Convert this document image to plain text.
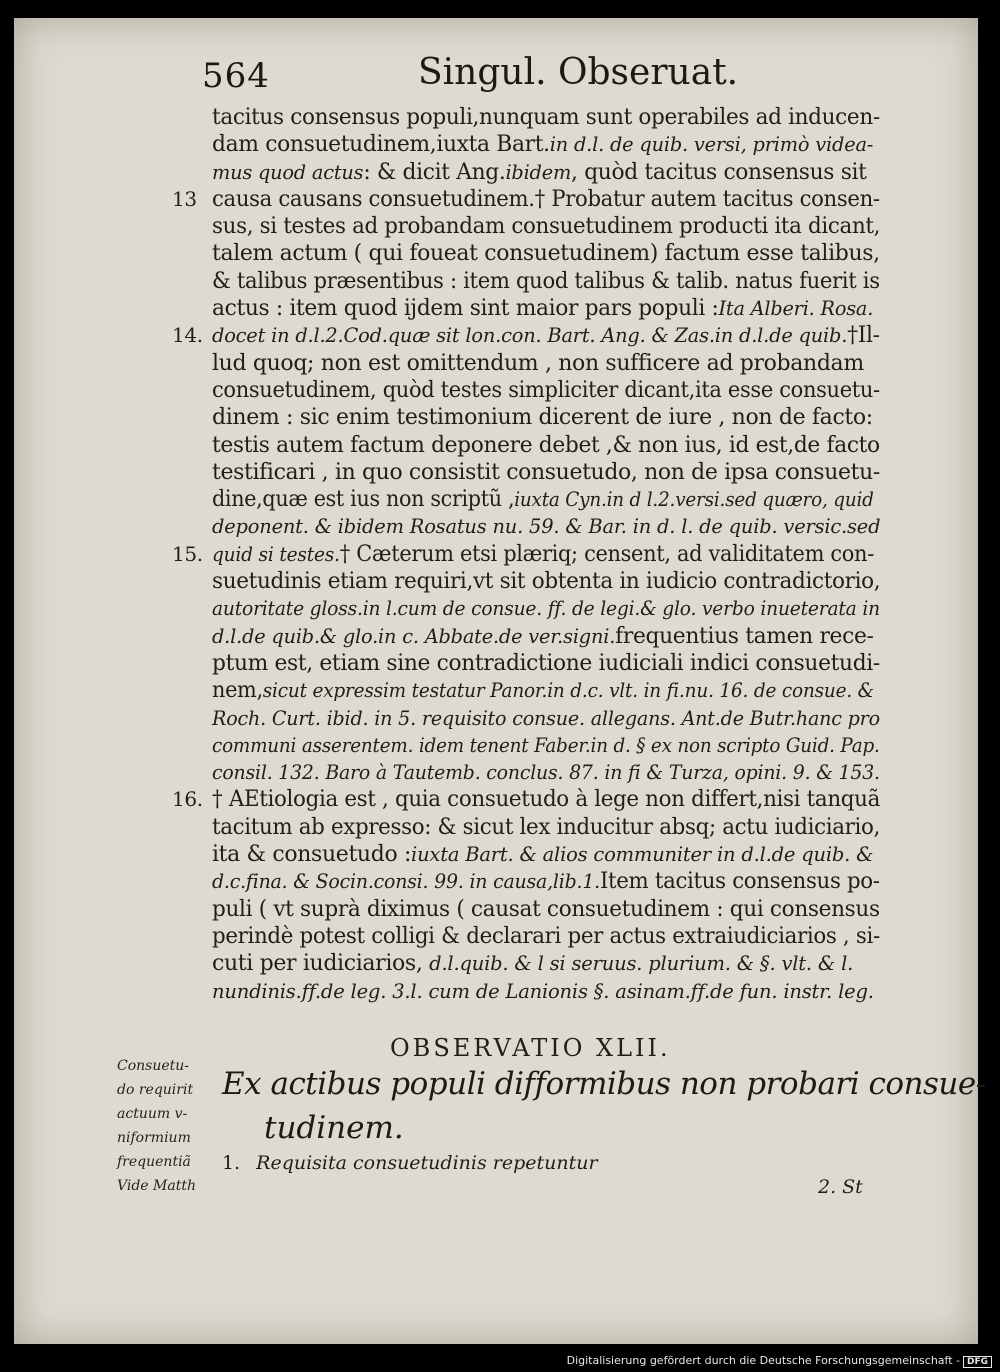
564	Singul. Obseruat.
tacitus consensus populi,nunquam sunt operabiles ad inducen-
dam consuetudinem,iuxta Bart.in d.l. de quib. versi, primò videa-
mus quod actus: & dicit Ang.ibidem, quòd tacitus consensus sit
13 causa causans consuetudinem.† Probatur autem tacitus consen-
sus, si testes ad probandam consuetudinem producti ita dicant,
talem actum ( qui foueat consuetudinem) factum esse talibus,
& talibus præsentibus : item quod talibus & talib. natus fuerit is
actus : item quod ijdem sint maior pars populi :Ita Alberi. Rosa.
14. docet in d.l.2.Cod.quæ sit lon.con. Bart. Ang. & Zas.in d.l.de quib.†Il-
lud quoq; non est omittendum , non sufficere ad probandam
consuetudinem, quòd testes simpliciter dicant,ita esse consuetu-
dinem : sic enim testimonium dicerent de iure , non de facto:
testis autem factum deponere debet ,& non ius, id est,de facto
testificari , in quo consistit consuetudo, non de ipsa consuetu-
dine,quæ est ius non scriptũ ,iuxta Cyn.in d l.2.versi.sed quæro, quid
deponent. & ibidem Rosatus nu. 59. & Bar. in d. l. de quib. versic.sed
15. quid si testes.† Cæterum etsi plæriq; censent, ad validitatem con-
suetudinis etiam requiri,vt sit obtenta in iudicio contradictorio,
autoritate gloss.in l.cum de consue. ff. de legi.& glo. verbo inueterata in
d.l.de quib.& glo.in c. Abbate.de ver.signi.frequentius tamen rece-
ptum est, etiam sine contradictione iudiciali indici consuetudi-
nem,sicut expressim testatur Panor.in d.c. vlt. in fi.nu. 16. de consue. &
Roch. Curt. ibid. in 5. requisito consue. allegans. Ant.de Butr.hanc pro
communi asserentem. idem tenent Faber.in d. § ex non scripto Guid. Pap.
consil. 132. Baro à Tautemb. conclus. 87. in fi & Turza, opini. 9. & 153.
16. † AEtiologia est , quia consuetudo à lege non differt,nisi tanquã
tacitum ab expresso: & sicut lex inducitur absq; actu iudiciario,
ita & consuetudo :iuxta Bart. & alios communiter in d.l.de quib. &
d.c.fina. & Socin.consi. 99. in causa,lib.1.Item tacitus consensus po-
puli ( vt suprà diximus ( causat consuetudinem : qui consensus
perindè potest colligi & declarari per actus extraiudiciarios , si-
cuti per iudiciarios, d.l.quib. & l si seruus. plurium. & §. vlt. & l.
nundinis.ff.de leg. 3.l. cum de Lanionis §. asinam.ff.de fun. instr. leg.
OBSERVATIO XLII.
Consuetu-
do requirit
actuum v-
niformium
frequentiã
Vide Matth
Ex actibus populi difformibus non probari consue-
tudinem.
1. Requisita consuetudinis repetuntur
2. St
Digitalisierung gefördert durch die Deutsche Forschungsgemeinschaft - DFG
